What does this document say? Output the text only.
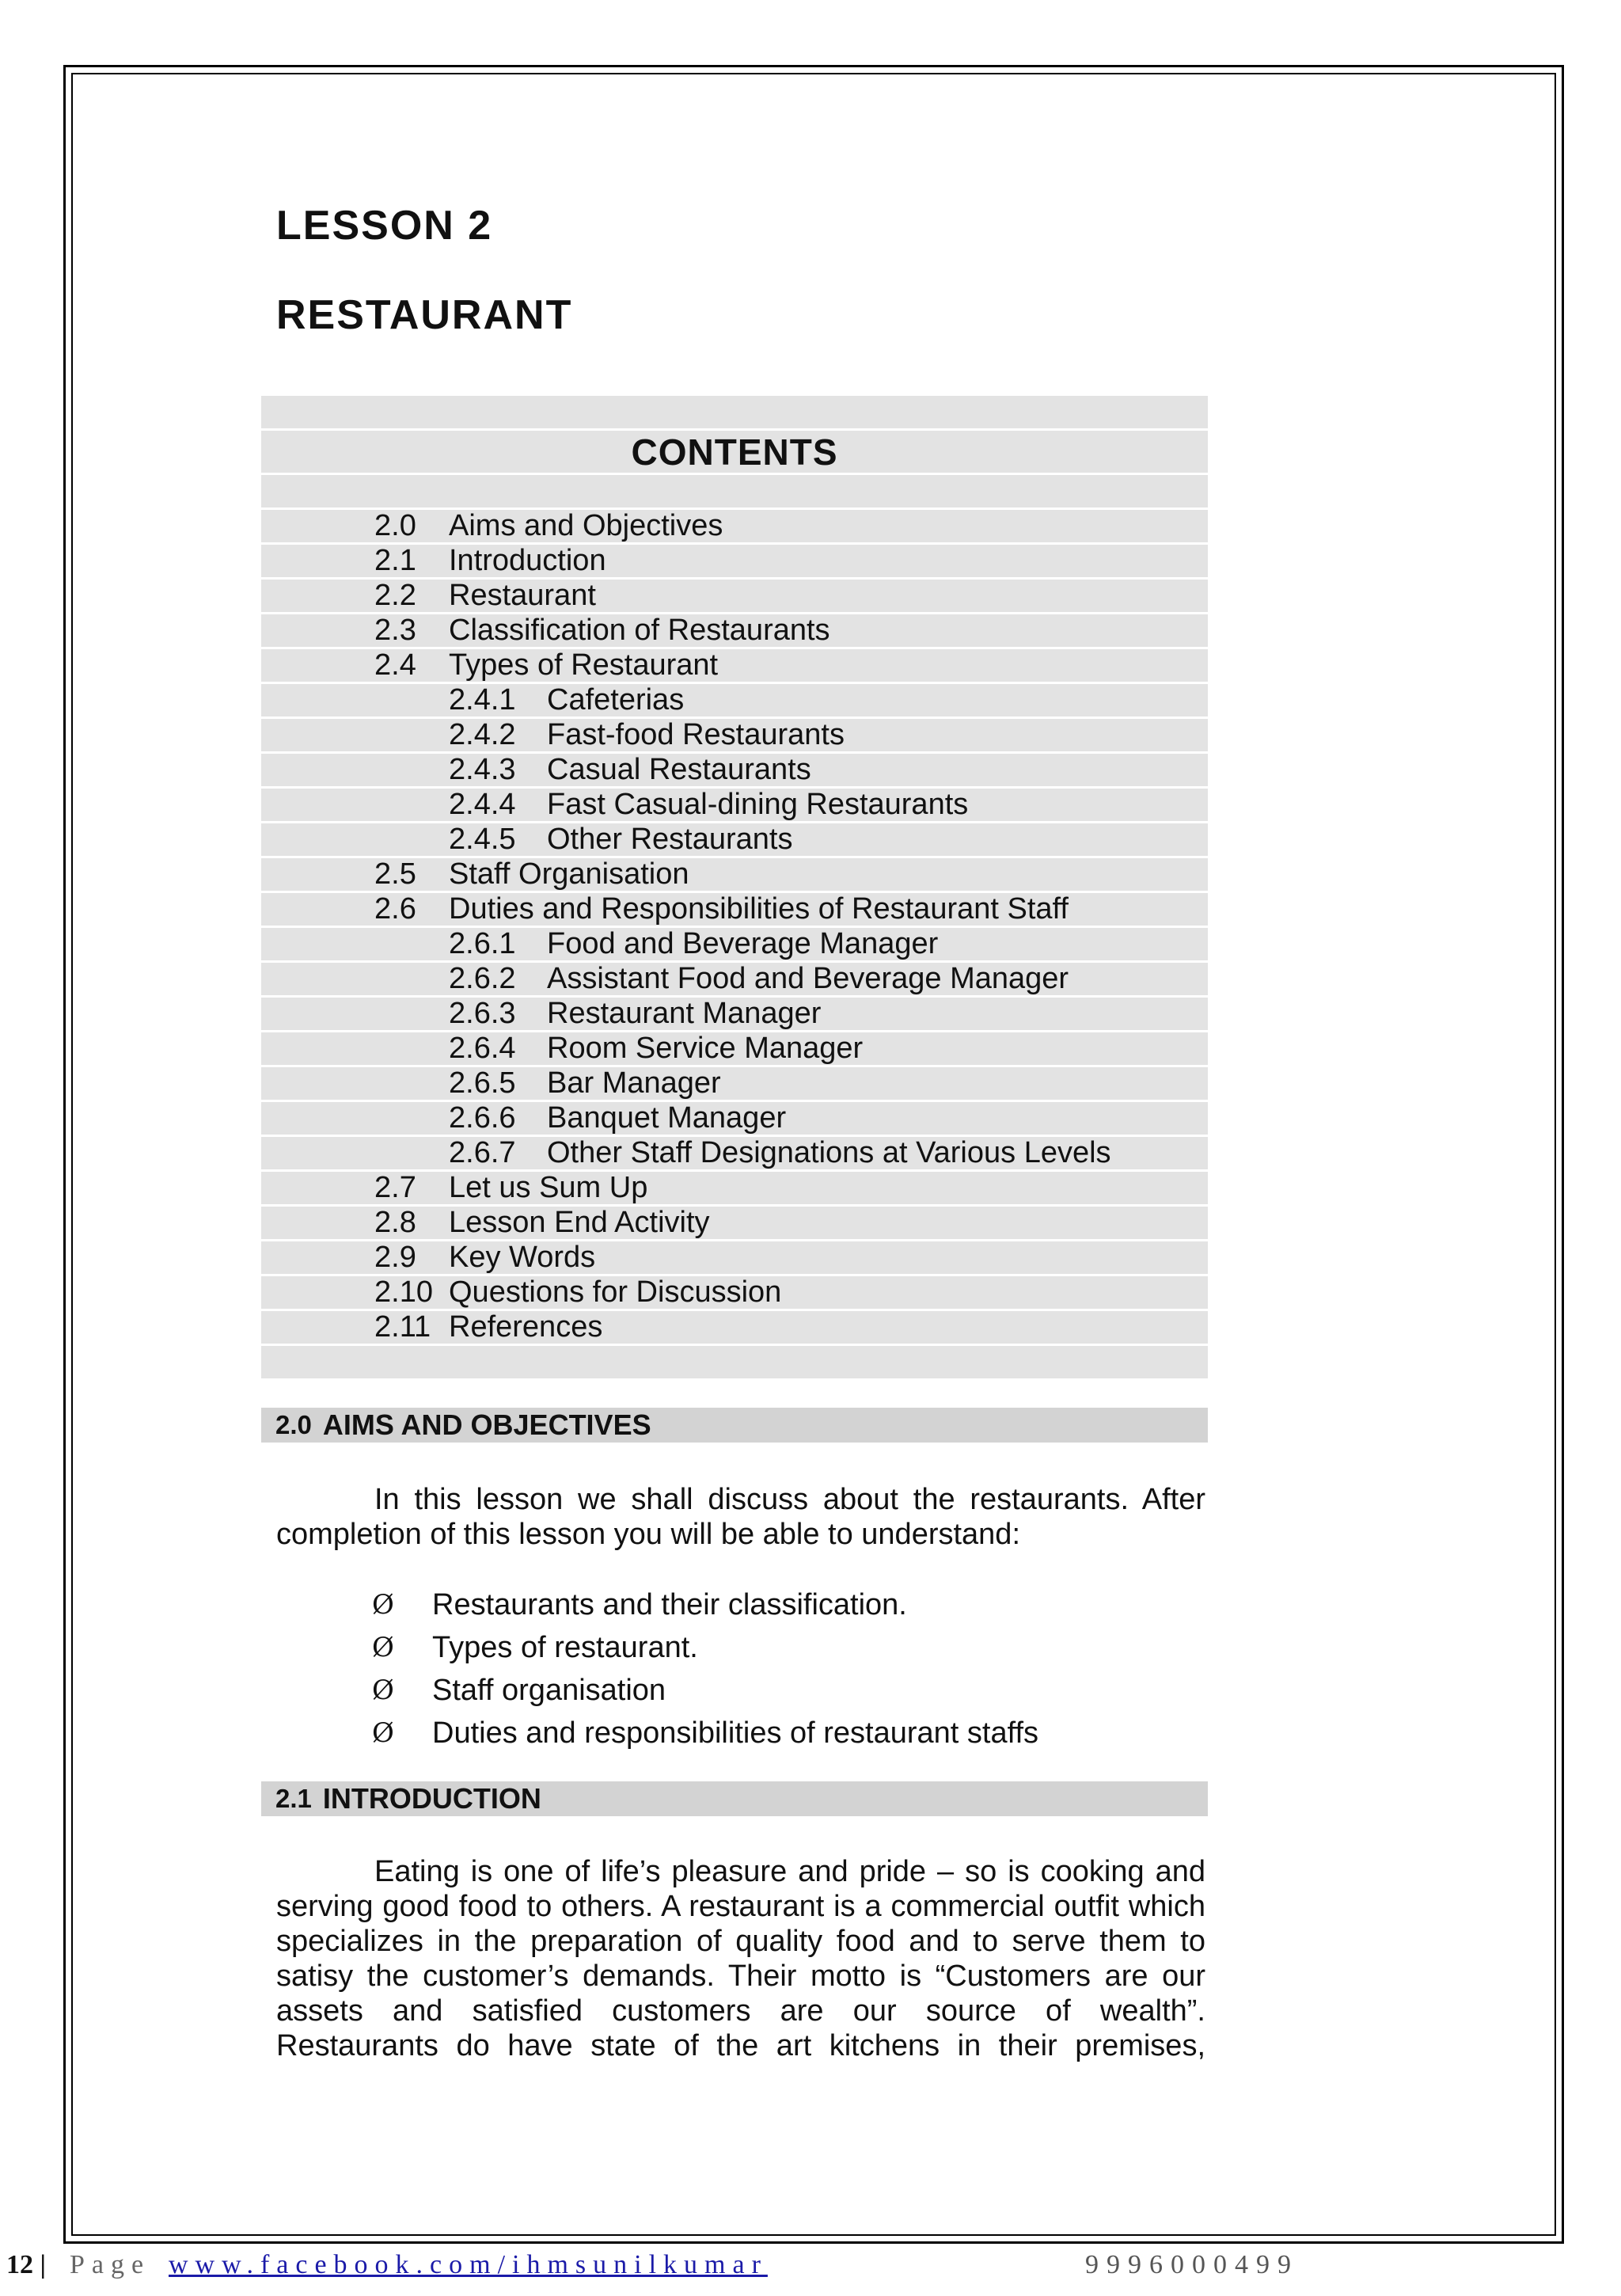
LESSON 2
RESTAURANT
CONTENTS
2.0	Aims and Objectives
2.1	Introduction
2.2	Restaurant
2.3	Classification of Restaurants
2.4	Types of Restaurant
2.4.1	Cafeterias
2.4.2	Fast-food Restaurants
2.4.3	Casual Restaurants
2.4.4	Fast Casual-dining Restaurants
2.4.5	Other Restaurants
2.5	Staff Organisation
2.6	Duties and Responsibilities of Restaurant Staff
2.6.1	Food and Beverage Manager
2.6.2	Assistant Food and Beverage Manager
2.6.3	Restaurant Manager
2.6.4	Room Service Manager
2.6.5	Bar Manager
2.6.6	Banquet Manager
2.6.7	Other Staff Designations at Various Levels
2.7	Let us Sum Up
2.8	Lesson End Activity
2.9	Key Words
2.10 Questions for Discussion
2.11 References
2.0 AIMS AND OBJECTIVES

In this lesson we shall discuss about the restaurants. After completion of this lesson you will be able to understand:

Ø	Restaurants and their classification.
Ø	Types of restaurant.
Ø	Staff organisation
Ø	Duties and responsibilities of restaurant staffs
2.1 INTRODUCTION

Eating is one of life’s pleasure and pride – so is cooking and serving good food to others. A restaurant is a commercial outfit which specializes in the preparation of quality food and to serve them to satisy the customer’s demands. Their motto is “Customers are our assets and satisfied customers are our source of wealth”. Restaurants do have state of the art kitchens in their premises,

12 | Page www.facebook.com/ihmsunilkumar	9996000499
